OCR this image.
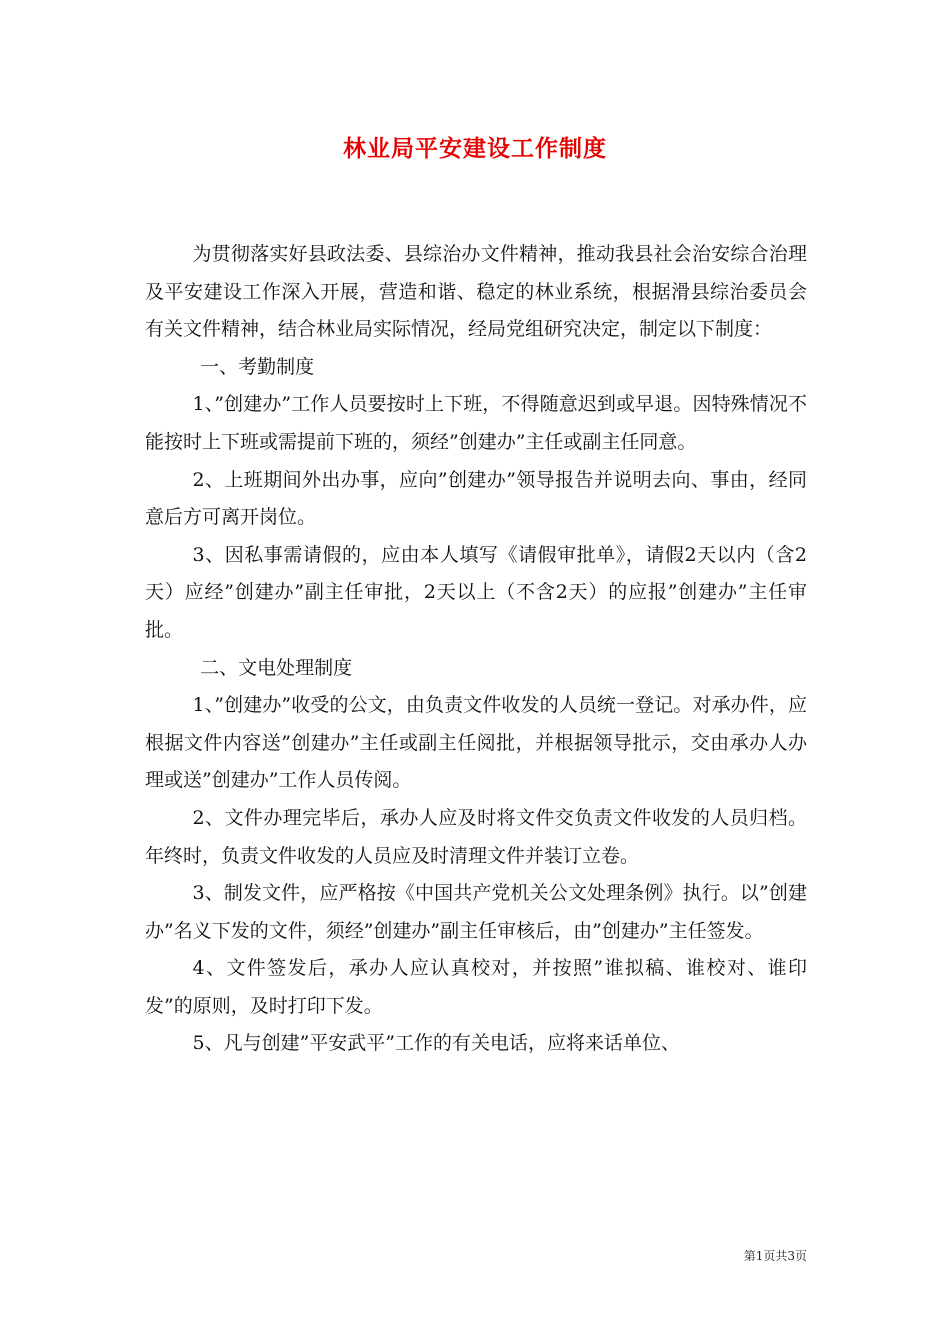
林业局平安建设工作制度

为贯彻落实好县政法委、县综治办文件精神，推动我县社会治安综合治理及平安建设工作深入开展，营造和谐、稳定的林业系统，根据滑县综治委员会有关文件精神，结合林业局实际情况，经局党组研究决定，制定以下制度：

一、考勤制度

1、”创建办”工作人员要按时上下班，不得随意迟到或早退。因特殊情况不能按时上下班或需提前下班的，须经”创建办”主任或副主任同意。

2、上班期间外出办事，应向”创建办”领导报告并说明去向、事由，经同意后方可离开岗位。

3、因私事需请假的，应由本人填写《请假审批单》，请假2天以内（含2天）应经”创建办”副主任审批，2天以上（不含2天）的应报”创建办”主任审批。

二、文电处理制度

1、”创建办”收受的公文，由负责文件收发的人员统一登记。对承办件，应根据文件内容送”创建办”主任或副主任阅批，并根据领导批示，交由承办人办理或送”创建办”工作人员传阅。

2、文件办理完毕后，承办人应及时将文件交负责文件收发的人员归档。年终时，负责文件收发的人员应及时清理文件并装订立卷。

3、制发文件，应严格按《中国共产党机关公文处理条例》执行。以”创建办”名义下发的文件，须经”创建办”副主任审核后，由”创建办”主任签发。

4、文件签发后，承办人应认真校对，并按照”谁拟稿、谁校对、谁印发”的原则，及时打印下发。

5、凡与创建”平安武平”工作的有关电话，应将来话单位、

第1页共3页
